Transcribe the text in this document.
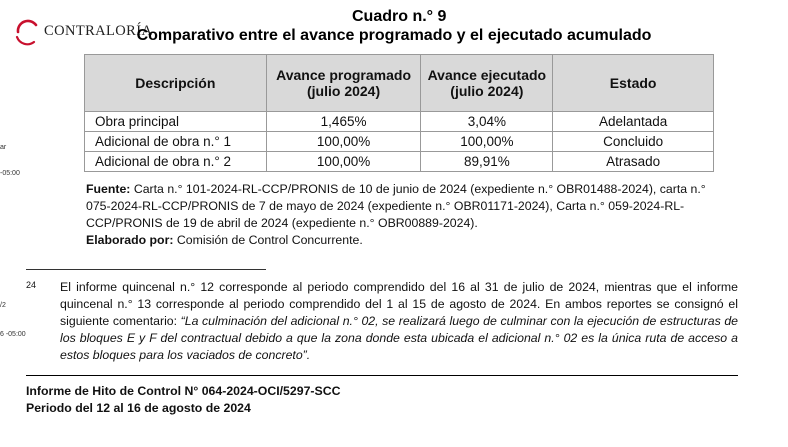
CONTRALORÍA
ar
-05:00
/2
6 -05:00
Cuadro n.° 9
Comparativo entre el avance programado y el ejecutado acumulado
Descripción	Avance programado (julio 2024)	Avance ejecutado (julio 2024)	Estado
Obra principal	1,465%	3,04%	Adelantada
Adicional de obra n.° 1	100,00%	100,00%	Concluido
Adicional de obra n.° 2	100,00%	89,91%	Atrasado
Fuente: Carta n.° 101-2024-RL-CCP/PRONIS de 10 de junio de 2024 (expediente n.° OBR01488-2024), carta n.° 075-2024-RL-CCP/PRONIS de 7 de mayo de 2024 (expediente n.° OBR01171-2024), Carta n.° 059-2024-RL-CCP/PRONIS de 19 de abril de 2024 (expediente n.° OBR00889-2024).
Elaborado por: Comisión de Control Concurrente.
24 El informe quincenal n.° 12 corresponde al periodo comprendido del 16 al 31 de julio de 2024, mientras que el informe quincenal n.° 13 corresponde al periodo comprendido del 1 al 15 de agosto de 2024. En ambos reportes se consignó el siguiente comentario: “La culminación del adicional n.° 02, se realizará luego de culminar con la ejecución de estructuras de los bloques E y F del contractual debido a que la zona donde esta ubicada el adicional n.° 02 es la única ruta de acceso a estos bloques para los vaciados de concreto”.
Informe de Hito de Control N° 064-2024-OCI/5297-SCC
Periodo del 12 al 16 de agosto de 2024
